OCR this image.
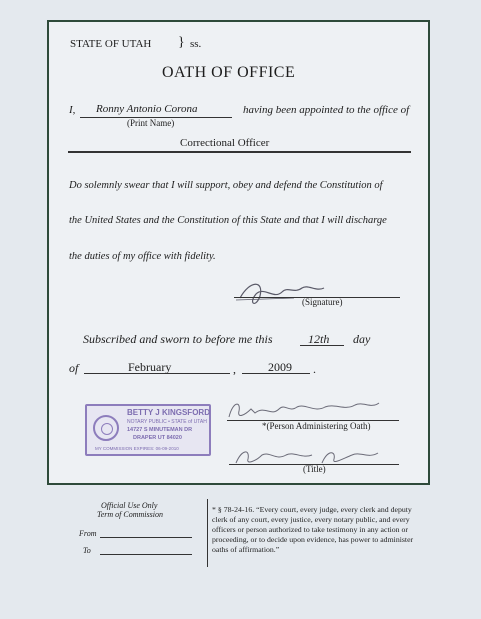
STATE OF UTAH } ss.
OATH OF OFFICE
I, Ronny Antonio Corona
(Print Name)
having been appointed to the office of
Correctional Officer
Do solemnly swear that I will support, obey and defend the Constitution of
the United States and the Constitution of this State and that I will discharge
the duties of my office with fidelity.
(Signature)
Subscribed and sworn to before me this	12th day
of	February	,	2009 .
BETTY J KINGSFORD
NOTARY PUBLIC • STATE of UTAH
14727 S MINUTEMAN DR
DRAPER UT 84020
MY COMMISSION EXPIRES: 06-09-2010
*(Person Administering Oath)
(Title)
Official Use Only
Term of Commission
From
To
* § 78-24-16. “Every court, every judge, every clerk and deputy clerk of any court, every justice, every notary public, and every officers or person authorized to take testimony in any action or proceeding, or to decide upon evidence, has power to administer oaths of affirmation.”
